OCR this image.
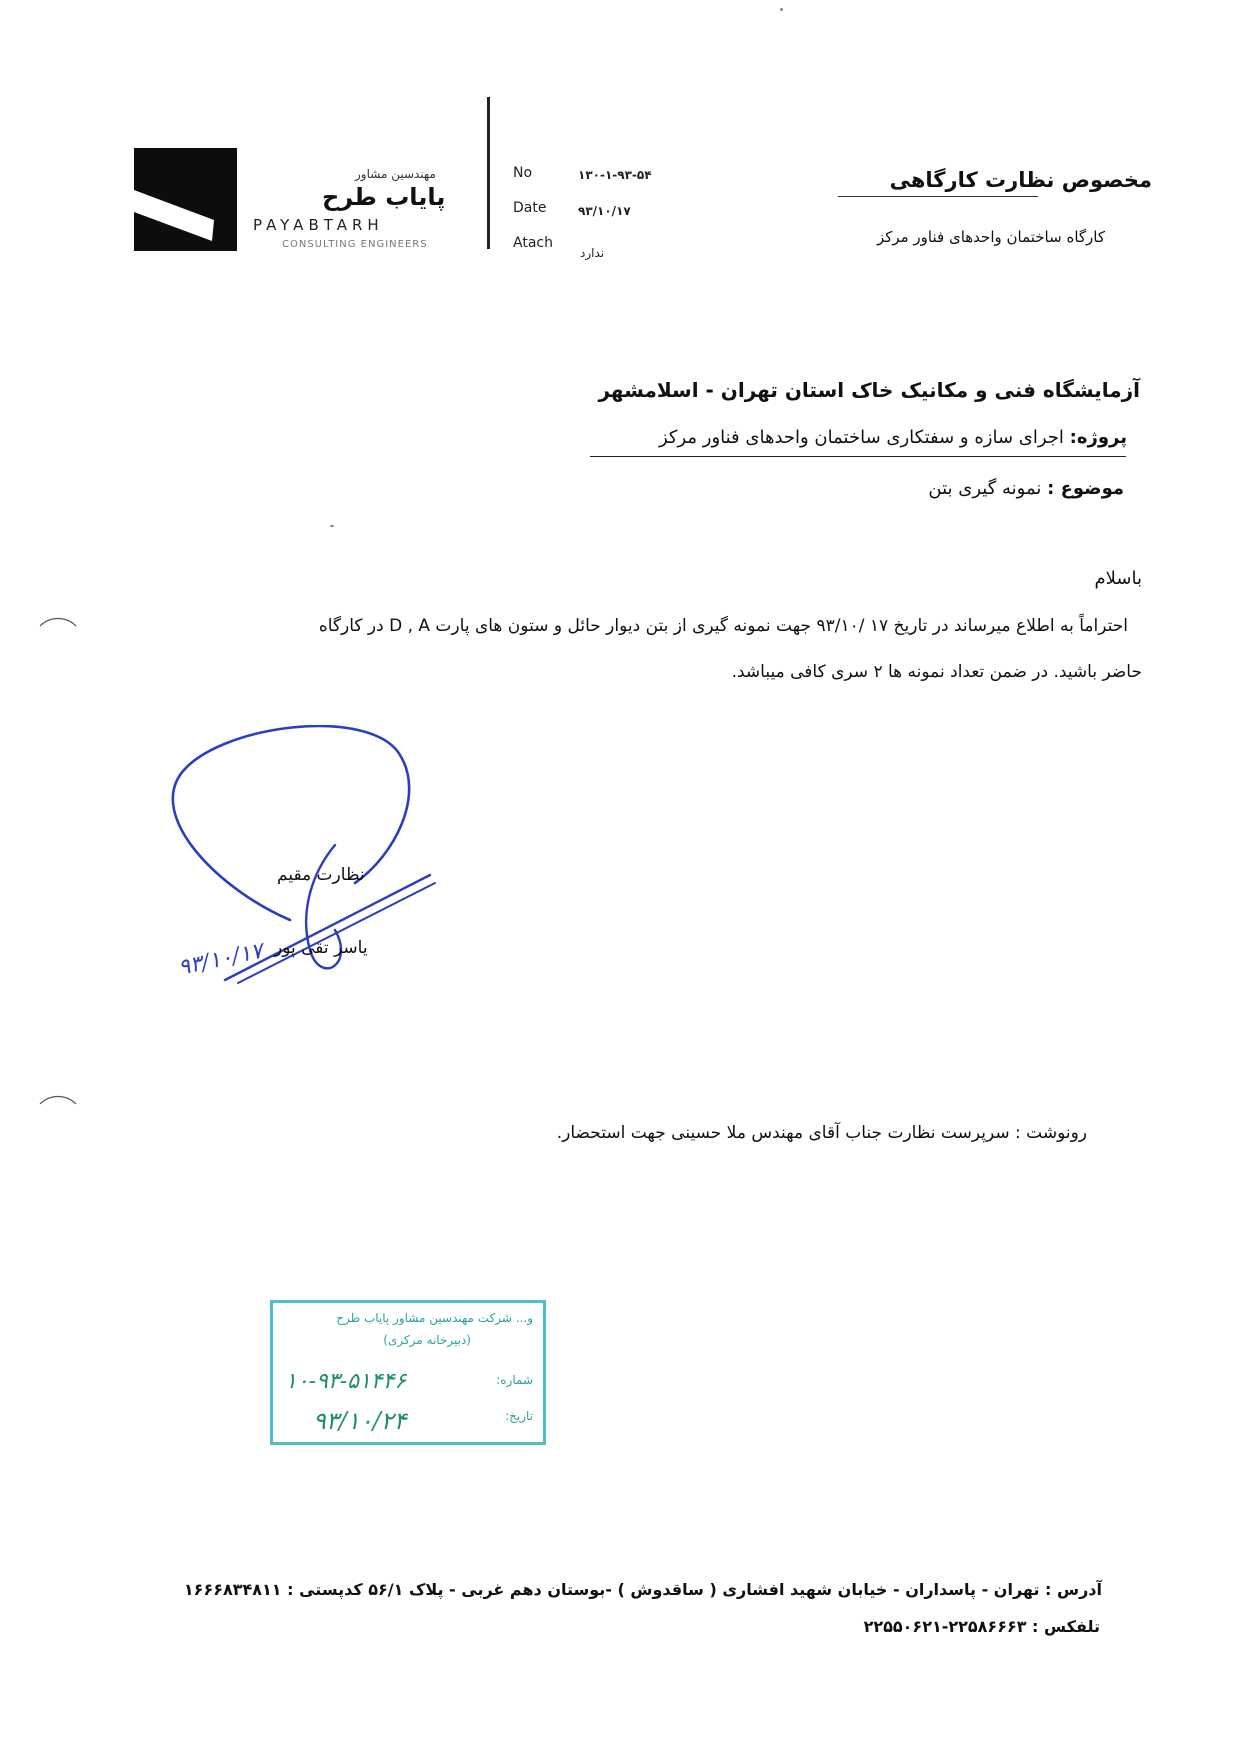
مهندسین مشاور
پایاب طرح
PAYABTARH
CONSULTING ENGINEERS
No	۱۳۰-۱-۹۳-۵۴
Date	۹۳/۱۰/۱۷
Atach
ندارد
مخصوص نظارت کارگاهی
کارگاه ساختمان واحدهای فناور مرکز
آزمایشگاه فنی و مکانیک خاک استان تهران - اسلامشهر
پروژه: اجرای سازه و سفتکاری ساختمان واحدهای فناور مرکز
موضوع : نمونه گیری بتن
باسلام
احتراماً به اطلاع میرساند در تاریخ ۱۷ /۹۳/۱۰ جهت نمونه گیری از بتن دیوار حائل و ستون های پارت D , A در کارگاه
حاضر باشید. در ضمن تعداد نمونه ها ۲ سری کافی میباشد.
۹۳/۱۰/۱۷
نظارت مقیم
یاسر تقی پور
رونوشت : سرپرست نظارت جناب آقای مهندس ملا حسینی جهت استحضار.
و... شرکت مهندسین مشاور پایاب طرح
(دبیرخانه مرکزی)
شماره:
تاریخ:
۱۰-۹۳-۵۱۴۴۶
۹۳/۱۰/۲۴
آدرس : تهران - پاسداران - خیابان شهید افشاری ( ساقدوش ) -بوستان دهم غربی - پلاک ۵۶/۱ کدپستی : ۱۶۶۶۸۳۴۸۱۱
تلفکس : ۲۲۵۸۶۶۶۳-۲۲۵۵۰۶۲۱
